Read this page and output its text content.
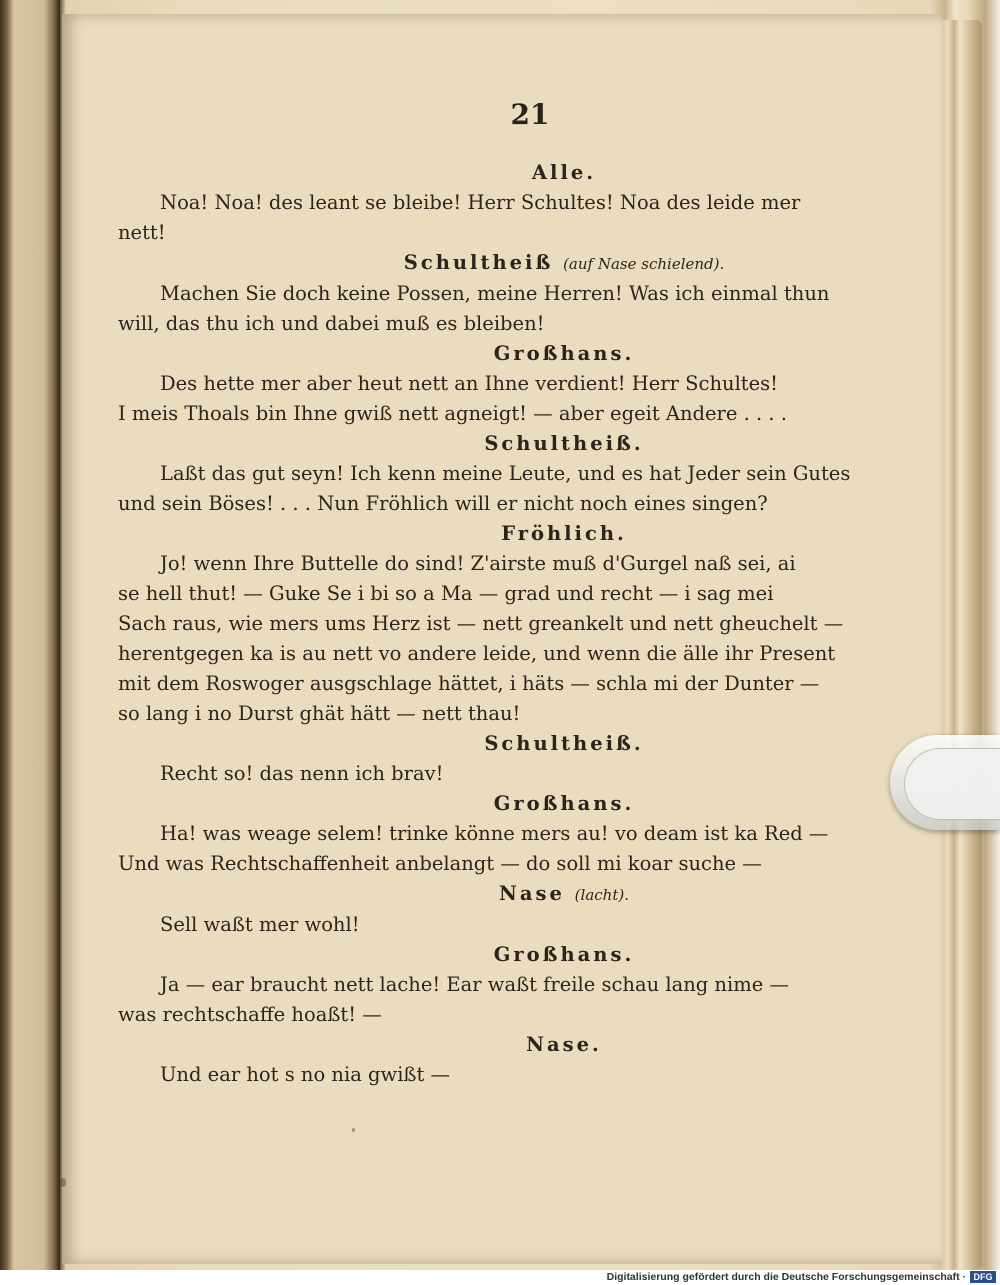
21

Alle.

Noa! Noa! des leant se bleibe! Herr Schultes! Noa des leide mer

nett!

Schultheiß (auf Nase schielend).

Machen Sie doch keine Possen, meine Herren! Was ich einmal thun

will, das thu ich und dabei muß es bleiben!

Großhans.

Des hette mer aber heut nett an Ihne verdient! Herr Schultes!

I meis Thoals bin Ihne gwiß nett agneigt! — aber egeit Andere . . . .

Schultheiß.

Laßt das gut seyn! Ich kenn meine Leute, und es hat Jeder sein Gutes

und sein Böses! . . . Nun Fröhlich will er nicht noch eines singen?

Fröhlich.

Jo! wenn Ihre Buttelle do sind! Z'airste muß d'Gurgel naß sei, ai

se hell thut! — Guke Se i bi so a Ma — grad und recht — i sag mei

Sach raus, wie mers ums Herz ist — nett greankelt und nett gheuchelt —

herentgegen ka is au nett vo andere leide, und wenn die älle ihr Present

mit dem Roswoger ausgschlage hättet, i häts — schla mi der Dunter —

so lang i no Durst ghät hätt — nett thau!

Schultheiß.

Recht so! das nenn ich brav!

Großhans.

Ha! was weage selem! trinke könne mers au! vo deam ist ka Red —

Und was Rechtschaffenheit anbelangt — do soll mi koar suche —

Nase (lacht).

Sell waßt mer wohl!

Großhans.

Ja — ear braucht nett lache! Ear waßt freile schau lang nime —

was rechtschaffe hoaßt! —

Nase.

Und ear hot s no nia gwißt —

Digitalisierung gefördert durch die Deutsche Forschungsgemeinschaft · DFG
